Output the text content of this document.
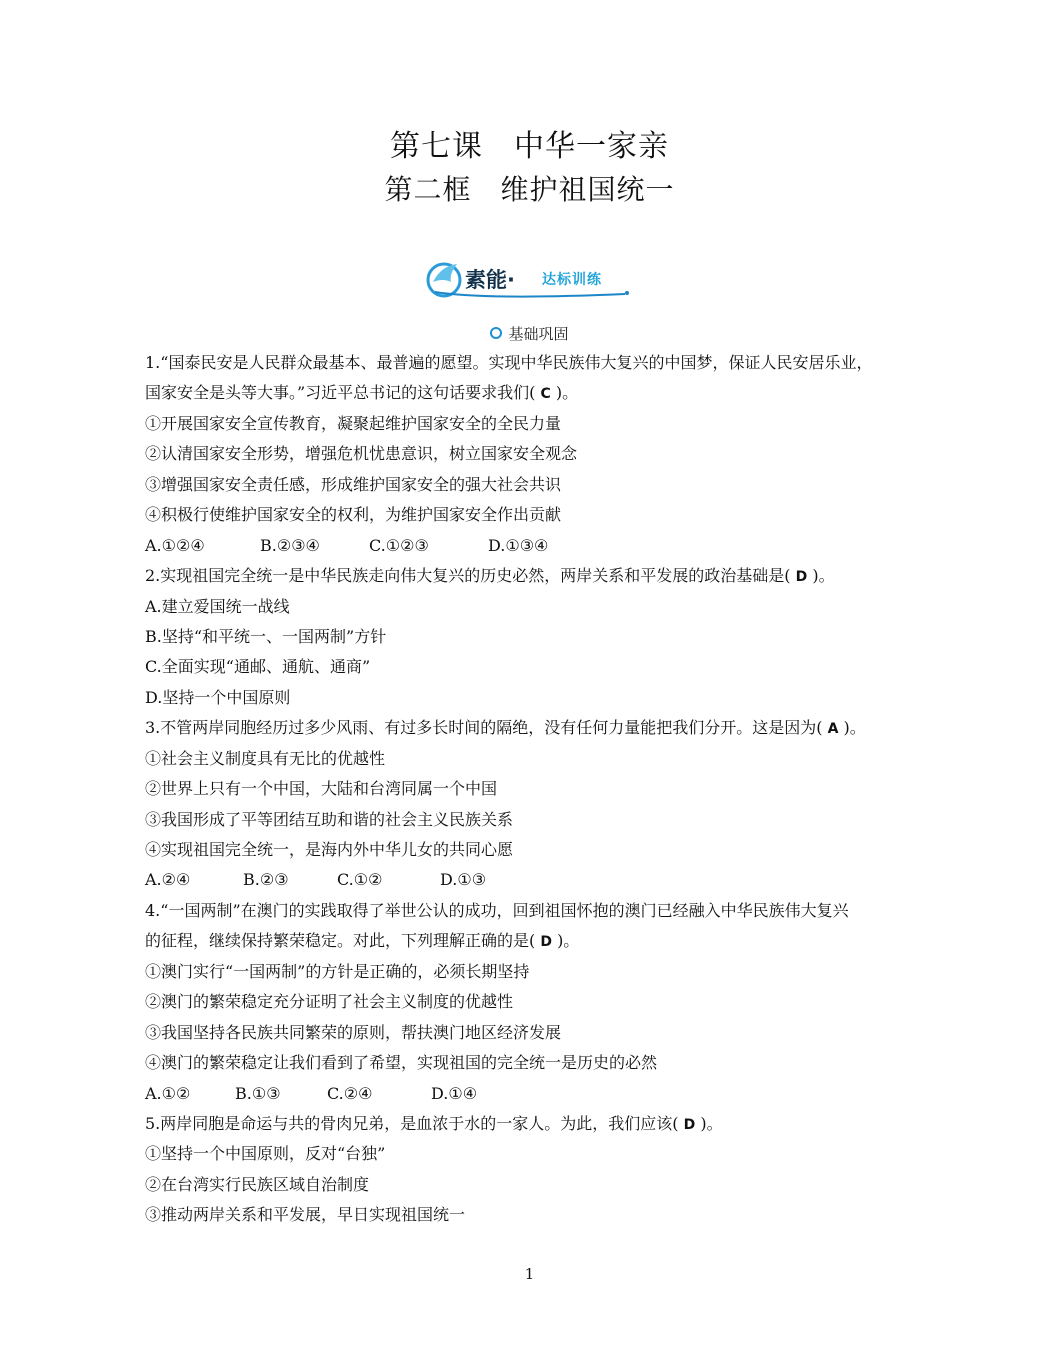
第七课　中华一家亲
第二框　维护祖国统一
素能· 达标训练
基础巩固
1.“国泰民安是人民群众最基本、最普遍的愿望。实现中华民族伟大复兴的中国梦，保证人民安居乐业，
国家安全是头等大事。”习近平总书记的这句话要求我们( C )。
①开展国家安全宣传教育，凝聚起维护国家安全的全民力量
②认清国家安全形势，增强危机忧患意识，树立国家安全观念
③增强国家安全责任感，形成维护国家安全的强大社会共识
④积极行使维护国家安全的权利，为维护国家安全作出贡献
A.①②④	B.②③④	C.①②③	D.①③④
2.实现祖国完全统一是中华民族走向伟大复兴的历史必然，两岸关系和平发展的政治基础是( D )。
A.建立爱国统一战线
B.坚持“和平统一、一国两制”方针
C.全面实现“通邮、通航、通商”
D.坚持一个中国原则
3.不管两岸同胞经历过多少风雨、有过多长时间的隔绝，没有任何力量能把我们分开。这是因为( A )。
①社会主义制度具有无比的优越性
②世界上只有一个中国，大陆和台湾同属一个中国
③我国形成了平等团结互助和谐的社会主义民族关系
④实现祖国完全统一，是海内外中华儿女的共同心愿
A.②④	B.②③	C.①②	D.①③
4.“一国两制”在澳门的实践取得了举世公认的成功，回到祖国怀抱的澳门已经融入中华民族伟大复兴
的征程，继续保持繁荣稳定。对此，下列理解正确的是( D )。
①澳门实行“一国两制”的方针是正确的，必须长期坚持
②澳门的繁荣稳定充分证明了社会主义制度的优越性
③我国坚持各民族共同繁荣的原则，帮扶澳门地区经济发展
④澳门的繁荣稳定让我们看到了希望，实现祖国的完全统一是历史的必然
A.①②	B.①③	C.②④	D.①④
5.两岸同胞是命运与共的骨肉兄弟，是血浓于水的一家人。为此，我们应该( D )。
①坚持一个中国原则，反对“台独”
②在台湾实行民族区域自治制度
③推动两岸关系和平发展，早日实现祖国统一
1
